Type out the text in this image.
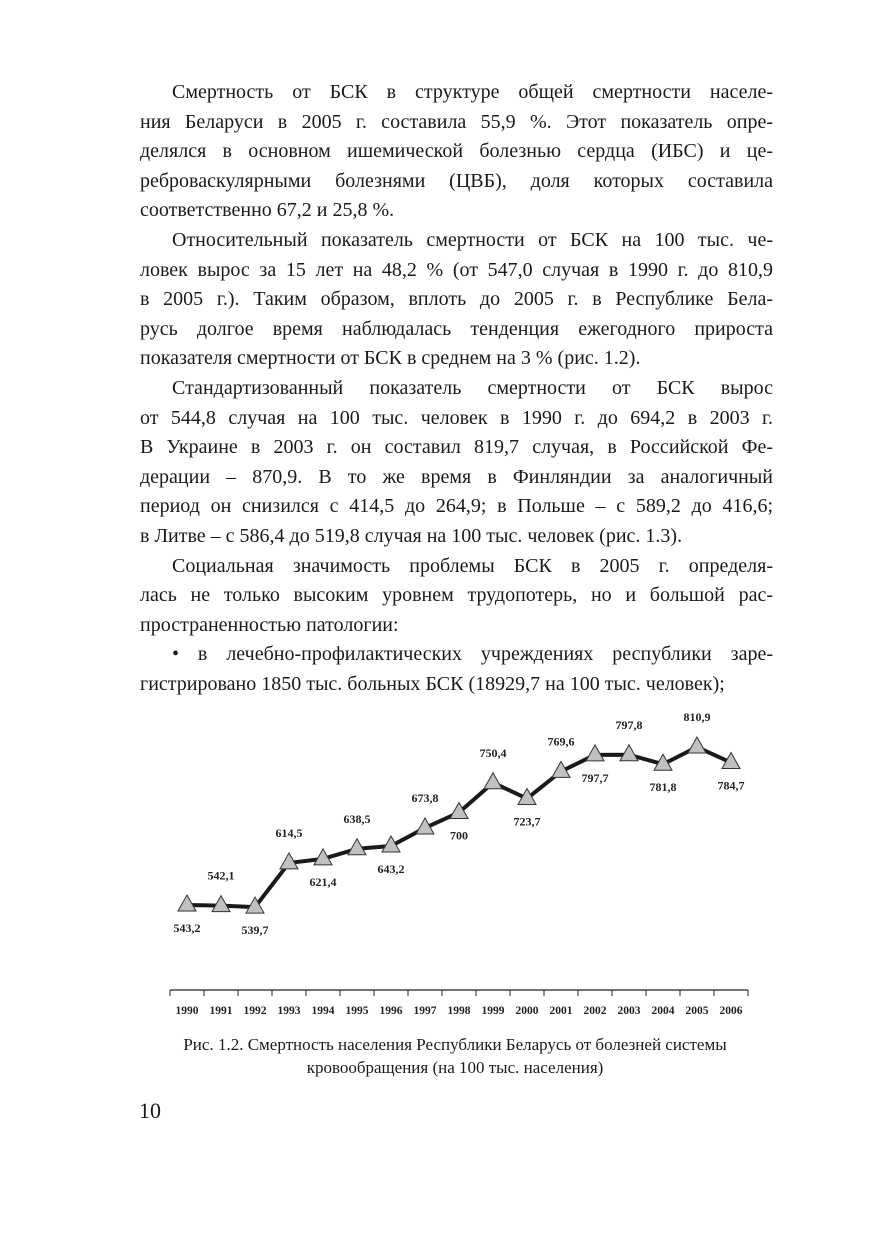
Смертность от БСК в структуре общей смертности населе-
ния Беларуси в 2005 г. составила 55,9 %. Этот показатель опре-
делялся в основном ишемической болезнью сердца (ИБС) и це-
реброваскулярными болезнями (ЦВБ), доля которых составила
соответственно 67,2 и 25,8 %.
Относительный показатель смертности от БСК на 100 тыс. че-
ловек вырос за 15 лет на 48,2 % (от 547,0 случая в 1990 г. до 810,9
в 2005 г.). Таким образом, вплоть до 2005 г. в Республике Бела-
русь долгое время наблюдалась тенденция ежегодного прироста
показателя смертности от БСК в среднем на 3 % (рис. 1.2).
Стандартизованный показатель смертности от БСК вырос
от 544,8 случая на 100 тыс. человек в 1990 г. до 694,2 в 2003 г.
В Украине в 2003 г. он составил 819,7 случая, в Российской Фе-
дерации – 870,9. В то же время в Финляндии за аналогичный
период он снизился с 414,5 до 264,9; в Польше – с 589,2 до 416,6;
в Литве – с 586,4 до 519,8 случая на 100 тыс. человек (рис. 1.3).
Социальная значимость проблемы БСК в 2005 г. определя-
лась не только высоким уровнем трудопотерь, но и большой рас-
пространенностью патологии:
• в лечебно-профилактических учреждениях республики заре-
гистрировано 1850 тыс. больных БСК (18929,7 на 100 тыс. человек);
1990 1991 1992 1993 1994 1995 1996 1997 1998 1999 2000 2001 2002 2003 2004 2005 2006
543,2
542,1
539,7
614,5
621,4
638,5
643,2
673,8
700
750,4
723,7
769,6
797,7
797,8
781,8
810,9
784,7
Рис. 1.2. Смертность населения Республики Беларусь от болезней системы
кровообращения (на 100 тыс. населения)
10
